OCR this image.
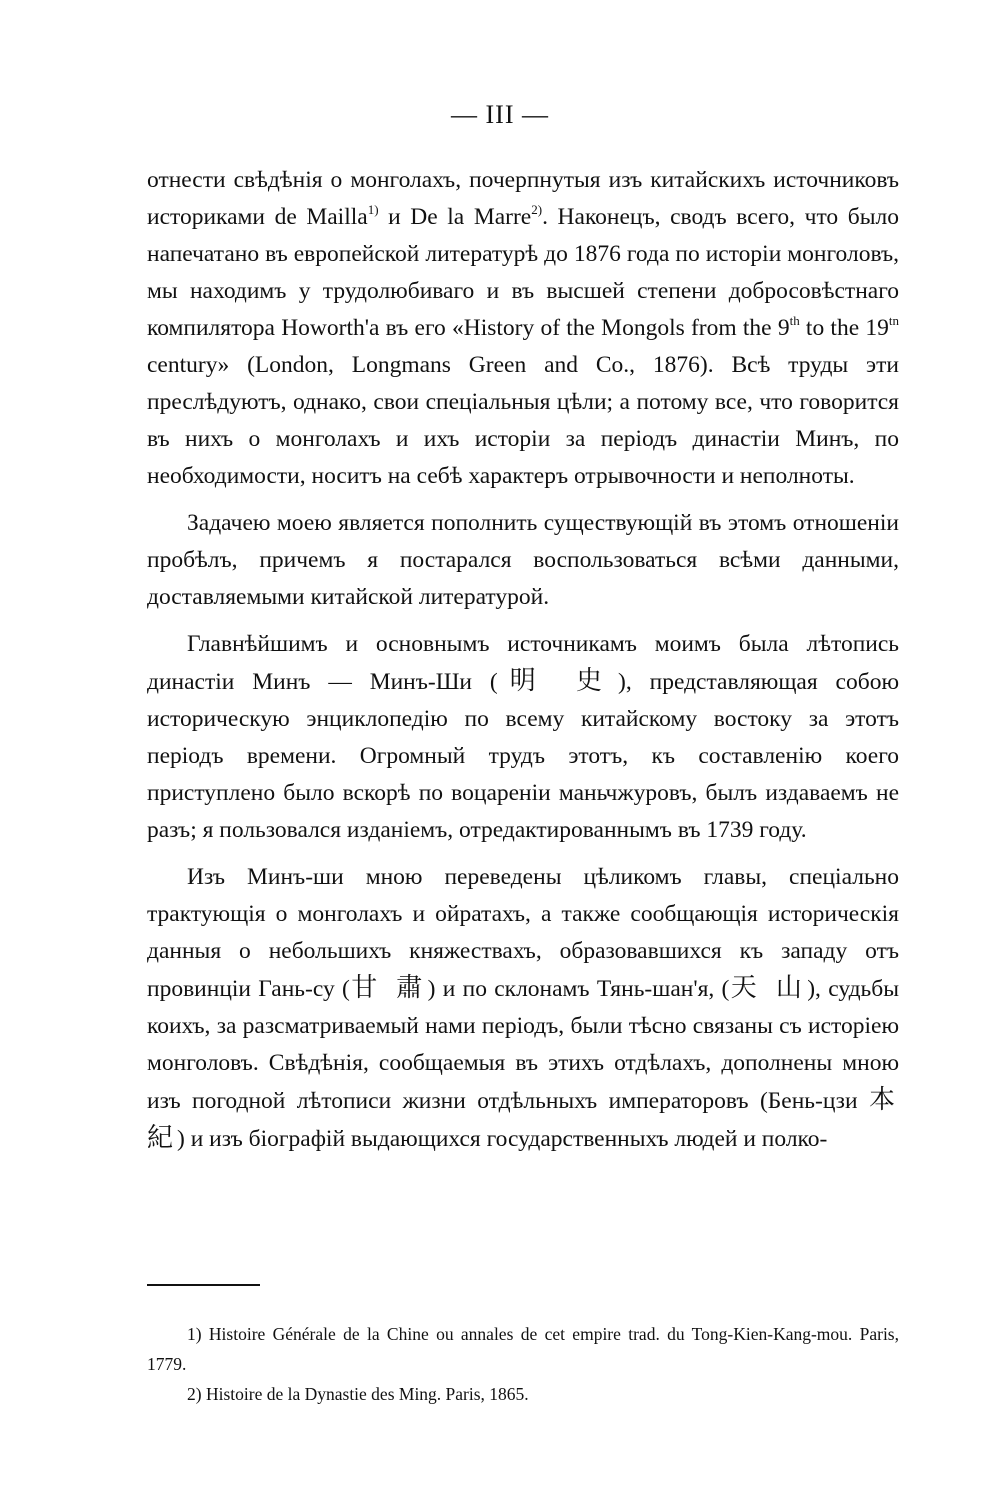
— III —

отнести свѣдѣнія о монголахъ, почерпнутыя изъ китайскихъ источниковъ историками de Mailla$^{1)}$ и De la Marre$^{2)}$. Наконецъ, сводъ всего, что было напечатано въ европейской литературѣ до 1876 года по исторіи монголовъ, мы находимъ у трудолюбиваго и въ высшей степени добросовѣстнаго компилятора Howorth'a въ его «History of the Mongols from the 9th to the $19^{tn}$ century» (London, Longmans Green and Co., 1876). Всѣ труды эти преслѣдуютъ, однако, свои спеціальныя цѣли; а потому все, что говорится въ нихъ о монголахъ и ихъ исторіи за періодъ династіи Минъ, по необходимости, носитъ на себѣ характеръ отрывочности и неполноты.

Задачею моею является пополнить существующій въ этомъ отношеніи пробѣлъ, причемъ я постарался воспользоваться всѣми данными, доставляемыми китайской литературой.

Главнѣйшимъ и основнымъ источникамъ моимъ была лѣтопись династіи Минъ — Минъ-Ши (明 史), представляющая собою историческую энциклопедію по всему китайскому востоку за этотъ періодъ времени. Огромный трудъ этотъ, къ составленію коего приступлено было вскорѣ по воцареніи маньчжуровъ, былъ издаваемъ не разъ; я пользовался изданіемъ, отредактированнымъ въ 1739 году.

Изъ Минъ-ши мною переведены цѣликомъ главы, спеціально трактующія о монголахъ и ойратахъ, а также сообщающія историческія данныя о небольшихъ княжествахъ, образовавшихся къ западу отъ провинціи Гань-су (甘 肅) и по склонамъ Тянь-шан'я, (天 山), судьбы коихъ, за разсматриваемый нами періодъ, были тѣсно связаны съ исторіею монголовъ. Свѣдѣнія, сообщаемыя въ этихъ отдѣлахъ, дополнены мною изъ погодной лѣтописи жизни отдѣльныхъ императоровъ (Бень-цзи 本 紀) и изъ біографій выдающихся государственныхъ людей и полко-

1) Histoire Générale de la Chine ou annales de cet empire trad. du Tong-Kien-Kang-mou. Paris, 1779.

2) Histoire de la Dynastie des Ming. Paris, 1865.
